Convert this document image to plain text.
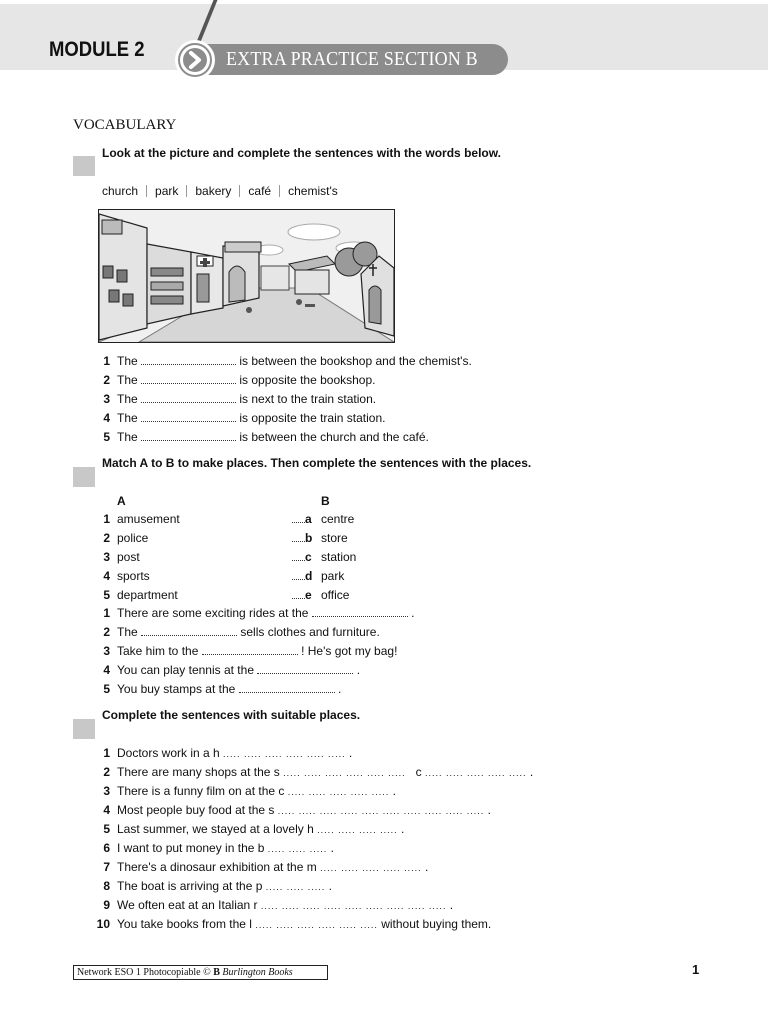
MODULE 2	EXTRA PRACTICE SECTION B
VOCABULARY
Look at the picture and complete the sentences with the words below.
church park bakery café chemist's
1 The	is between the bookshop and the chemist's.
2 The	is opposite the bookshop.
3 The	is next to the train station.
4 The	is opposite the train station.
5 The	is between the church and the café.
Match A to B to make places. Then complete the sentences with the places.
A	B
1 amusement	a centre
2 police	b store
3 post	c station
4 sports	d park
5 department	e office
1 There are some exciting rides at the	.
2 The	sells clothes and furniture.
3 Take him to the	! He's got my bag!
4 You can play tennis at the	.
5 You buy stamps at the	.
Complete the sentences with suitable places.
1 Doctors work in a h ..... ..... ..... ..... ..... ..... .
2 There are many shops at the s ..... ..... ..... ..... ..... ..... c ..... ..... ..... ..... ..... .
3 There is a funny film on at the c ..... ..... ..... ..... ..... .
4 Most people buy food at the s ..... ..... ..... ..... ..... ..... ..... ..... ..... ..... .
5 Last summer, we stayed at a lovely h ..... ..... ..... ..... .
6 I want to put money in the b ..... ..... ..... .
7 There's a dinosaur exhibition at the m ..... ..... ..... ..... ..... .
8 The boat is arriving at the p ..... ..... ..... .
9 We often eat at an Italian r ..... ..... ..... ..... ..... ..... ..... ..... ..... .
10 You take books from the l ..... ..... ..... ..... ..... ..... without buying them.
Network ESO 1 Photocopiable © B Burlington Books	1
